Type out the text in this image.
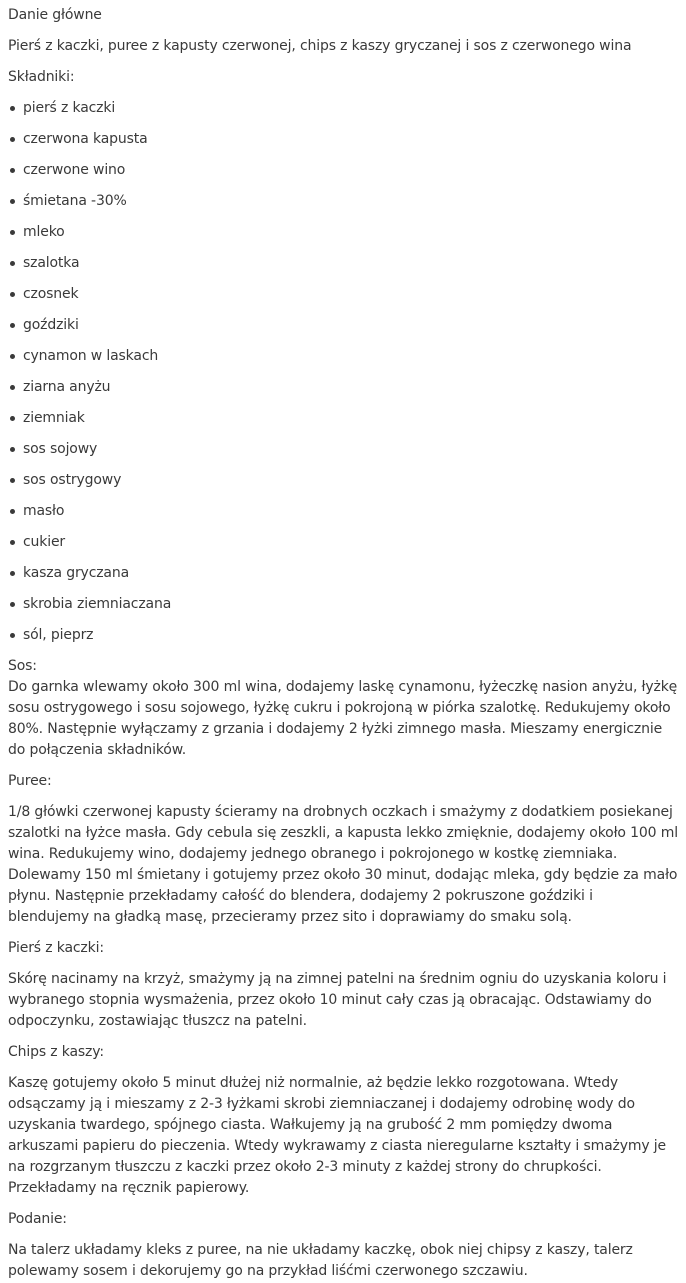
Danie główne

Pierś z kaczki, puree z kapusty czerwonej, chips z kaszy gryczanej i sos z czerwonego wina

Składniki:

pierś z kaczki
czerwona kapusta
czerwone wino
śmietana -30%
mleko
szalotka
czosnek
goździki
cynamon w laskach
ziarna anyżu
ziemniak
sos sojowy
sos ostrygowy
masło
cukier
kasza gryczana
skrobia ziemniaczana
sól, pieprz

Sos:

Do garnka wlewamy około 300 ml wina, dodajemy laskę cynamonu, łyżeczkę nasion anyżu, łyżkę sosu ostrygowego i sosu sojowego, łyżkę cukru i pokrojoną w piórka szalotkę. Redukujemy około 80%. Następnie wyłączamy z grzania i dodajemy 2 łyżki zimnego masła. Mieszamy energicznie do połączenia składników.

Puree:

1/8 główki czerwonej kapusty ścieramy na drobnych oczkach i smażymy z dodatkiem posiekanej szalotki na łyżce masła. Gdy cebula się zeszkli, a kapusta lekko zmięknie, dodajemy około 100 ml wina. Redukujemy wino, dodajemy jednego obranego i pokrojonego w kostkę ziemniaka. Dolewamy 150 ml śmietany i gotujemy przez około 30 minut, dodając mleka, gdy będzie za mało płynu. Następnie przekładamy całość do blendera, dodajemy 2 pokruszone goździki i blendujemy na gładką masę, przecieramy przez sito i doprawiamy do smaku solą.

Pierś z kaczki:

Skórę nacinamy na krzyż, smażymy ją na zimnej patelni na średnim ogniu do uzyskania koloru i wybranego stopnia wysmażenia, przez około 10 minut cały czas ją obracając. Odstawiamy do odpoczynku, zostawiając tłuszcz na patelni.

Chips z kaszy:

Kaszę gotujemy około 5 minut dłużej niż normalnie, aż będzie lekko rozgotowana. Wtedy odsączamy ją i mieszamy z 2-3 łyżkami skrobi ziemniaczanej i dodajemy odrobinę wody do uzyskania twardego, spójnego ciasta. Wałkujemy ją na grubość 2 mm pomiędzy dwoma arkuszami papieru do pieczenia. Wtedy wykrawamy z ciasta nieregularne kształty i smażymy je na rozgrzanym tłuszczu z kaczki przez około 2-3 minuty z każdej strony do chrupkości. Przekładamy na ręcznik papierowy.

Podanie:

Na talerz układamy kleks z puree, na nie układamy kaczkę, obok niej chipsy z kaszy, talerz polewamy sosem i dekorujemy go na przykład liśćmi czerwonego szczawiu.
